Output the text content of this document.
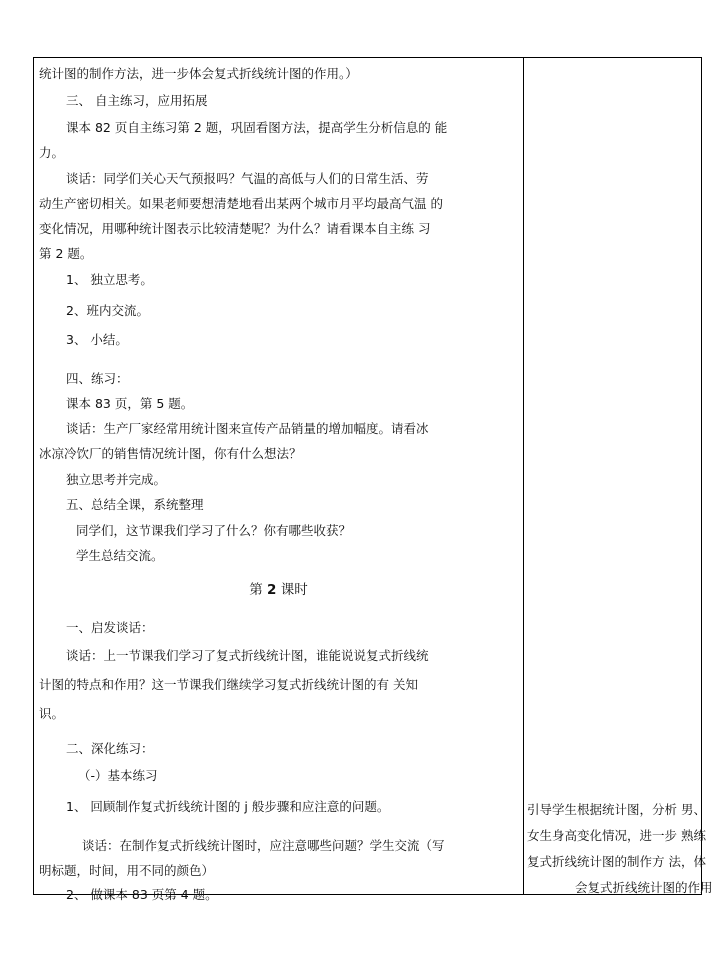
统计图的制作方法，进一步体会复式折线统计图的作用。）
三、 自主练习，应用拓展
课本 82 页自主练习第 2 题，巩固看图方法，提高学生分析信息的 能
力。
谈话：同学们关心天气预报吗？气温的高低与人们的日常生活、劳
动生产密切相关。如果老师要想清楚地看出某两个城市月平均最高气温 的
变化情况，用哪种统计图表示比较清楚呢？为什么？请看课本自主练 习
第 2 题。
1、 独立思考。
2、班内交流。
3、 小结。
四、练习：
课本 83 页，第 5 题。
谈话：生产厂家经常用统计图来宣传产品销量的增加幅度。请看冰
冰凉冷饮厂的销售情况统计图，你有什么想法？
独立思考并完成。
五、总结全课，系统整理
同学们，这节课我们学习了什么？你有哪些收获？
学生总结交流。
第 2 课时
一、启发谈话：
谈话：上一节课我们学习了复式折线统计图，谁能说说复式折线统
计图的特点和作用？这一节课我们继续学习复式折线统计图的有 关知
识。
二、深化练习：
（-）基本练习
1、 回顾制作复式折线统计图的 j 般步骤和应注意的问题。
谈话：在制作复式折线统计图时，应注意哪些问题？学生交流（写
明标题，时间，用不同的颜色）
2、 做课本 83 页第 4 题。
引导学生根据统计图，分析 男、
女生身高变化情况，进一步 熟练
复式折线统计图的制作方 法，体
会复式折线统计图的作用
